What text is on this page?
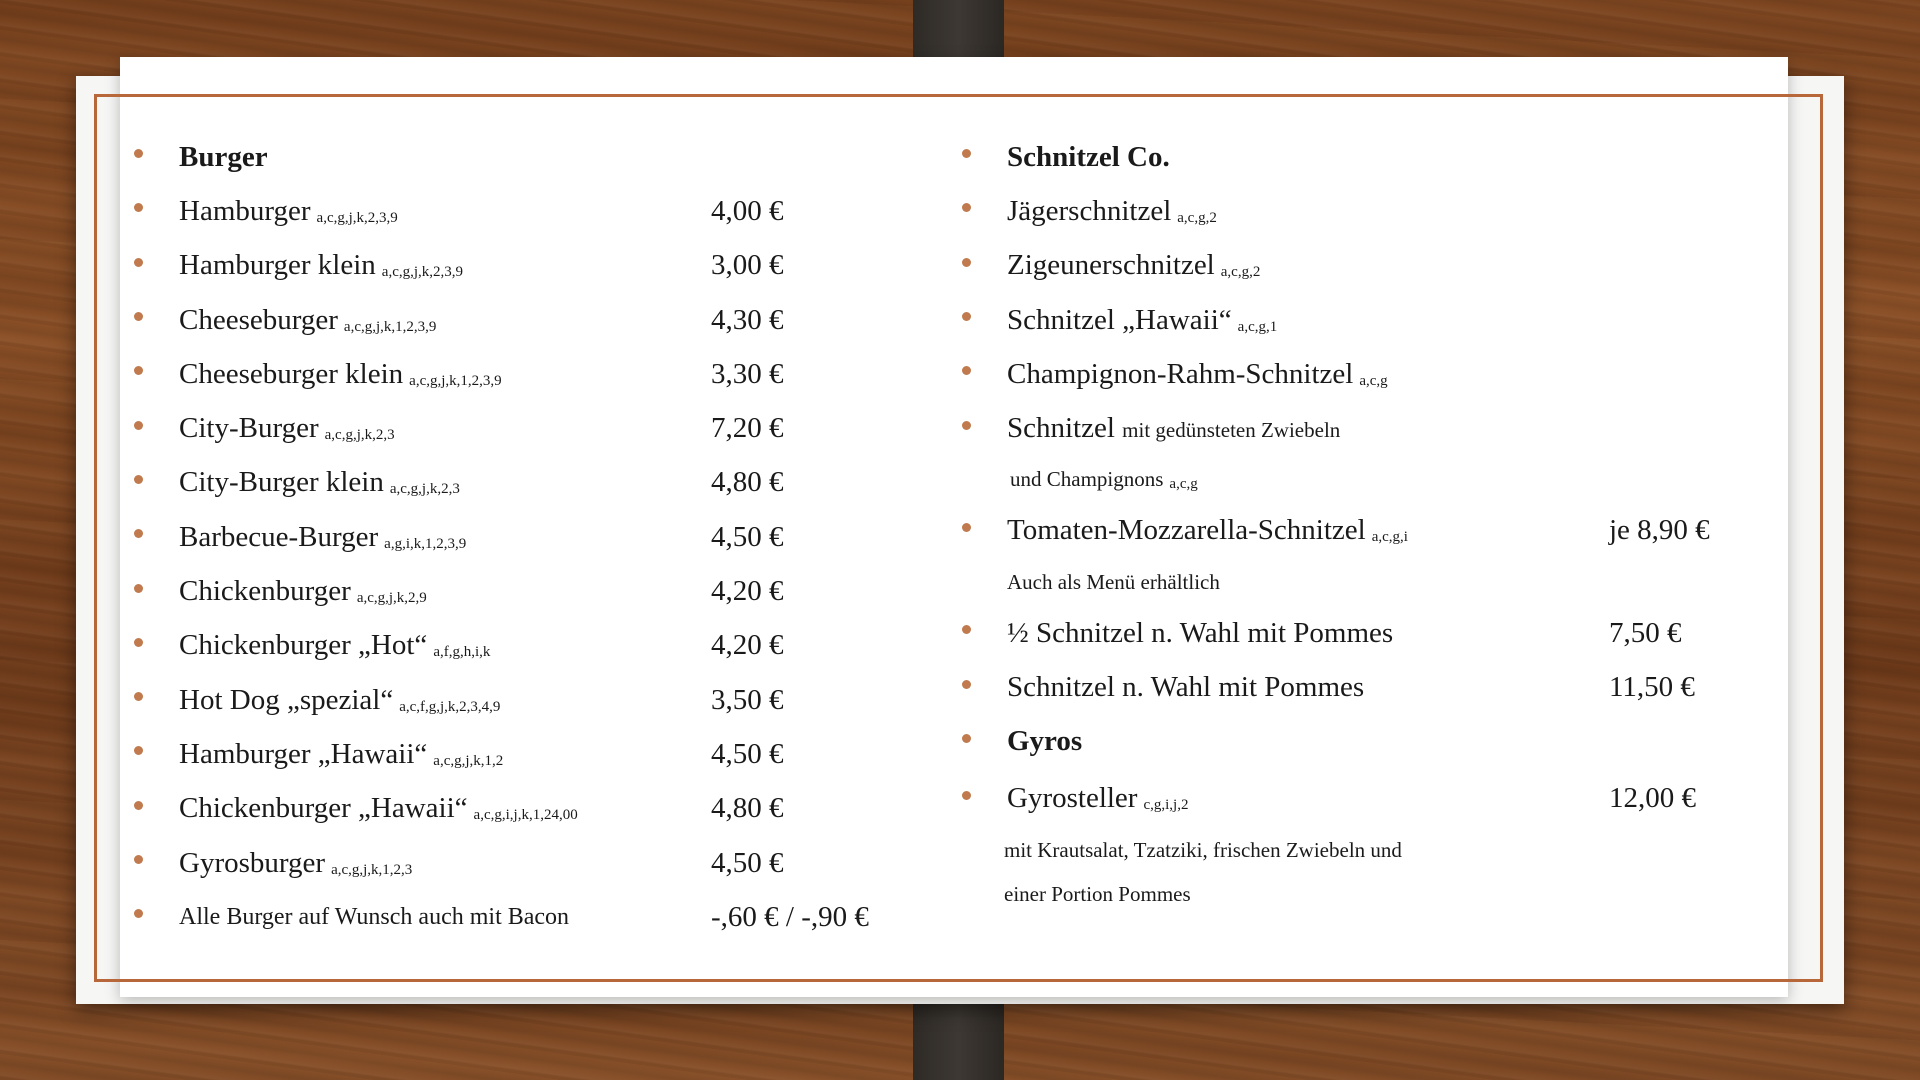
Burger
Hamburger a,c,g,j,k,2,3,9	4,00 €
Hamburger klein a,c,g,j,k,2,3,9	3,00 €
Cheeseburger a,c,g,j,k,1,2,3,9	4,30 €
Cheeseburger klein a,c,g,j,k,1,2,3,9	3,30 €
City-Burger a,c,g,j,k,2,3	7,20 €
City-Burger klein a,c,g,j,k,2,3	4,80 €
Barbecue-Burger a,g,i,k,1,2,3,9	4,50 €
Chickenburger a,c,g,j,k,2,9	4,20 €
Chickenburger „Hot“ a,f,g,h,i,k	4,20 €
Hot Dog „spezial“ a,c,f,g,j,k,2,3,4,9	3,50 €
Hamburger „Hawaii“ a,c,g,j,k,1,2	4,50 €
Chickenburger „Hawaii“ a,c,g,i,j,k,1,24,00	4,80 €
Gyrosburger a,c,g,j,k,1,2,3	4,50 €
Alle Burger auf Wunsch auch mit Bacon	-,60 € / -,90 €
Schnitzel Co.
Jägerschnitzel a,c,g,2
Zigeunerschnitzel a,c,g,2
Schnitzel „Hawaii“ a,c,g,1
Champignon-Rahm-Schnitzel a,c,g
Schnitzel mit gedünsteten Zwiebeln
und Champignons a,c,g
Tomaten-Mozzarella-Schnitzel a,c,g,i	je 8,90 €
Auch als Menü erhältlich
½ Schnitzel n. Wahl mit Pommes	7,50 €
Schnitzel n. Wahl mit Pommes	11,50 €
Gyros
Gyrosteller c,g,i,j,2	12,00 €
mit Krautsalat, Tzatziki, frischen Zwiebeln und
einer Portion Pommes
